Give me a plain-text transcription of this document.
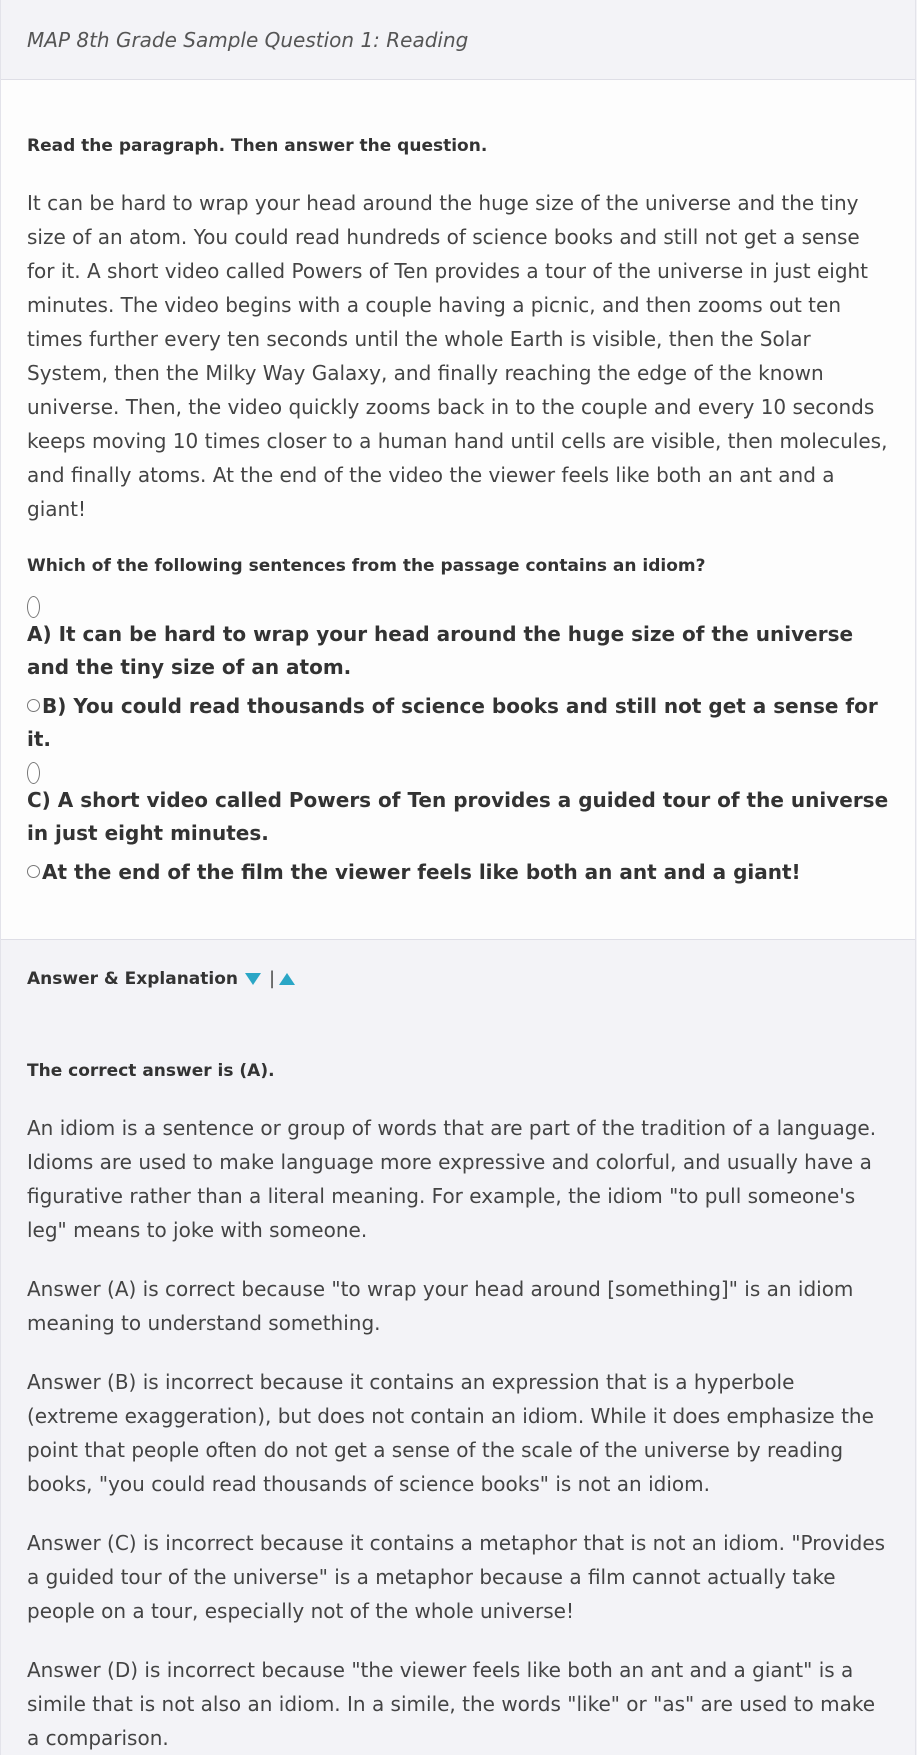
MAP 8th Grade Sample Question 1: Reading

Read the paragraph. Then answer the question.

It can be hard to wrap your head around the huge size of the universe and the tiny size of an atom. You could read hundreds of science books and still not get a sense for it. A short video called Powers of Ten provides a tour of the universe in just eight minutes. The video begins with a couple having a picnic, and then zooms out ten times further every ten seconds until the whole Earth is visible, then the Solar System, then the Milky Way Galaxy, and finally reaching the edge of the known universe. Then, the video quickly zooms back in to the couple and every 10 seconds keeps moving 10 times closer to a human hand until cells are visible, then molecules, and finally atoms. At the end of the video the viewer feels like both an ant and a giant!

Which of the following sentences from the passage contains an idiom?

A) It can be hard to wrap your head around the huge size of the universe and the tiny size of an atom.
B) You could read thousands of science books and still not get a sense for it.
C) A short video called Powers of Ten provides a guided tour of the universe in just eight minutes.
At the end of the film the viewer feels like both an ant and a giant!
Answer & Explanation |

The correct answer is (A).

An idiom is a sentence or group of words that are part of the tradition of a language. Idioms are used to make language more expressive and colorful, and usually have a figurative rather than a literal meaning. For example, the idiom "to pull someone's leg" means to joke with someone.

Answer (A) is correct because "to wrap your head around [something]" is an idiom meaning to understand something.

Answer (B) is incorrect because it contains an expression that is a hyperbole (extreme exaggeration), but does not contain an idiom. While it does emphasize the point that people often do not get a sense of the scale of the universe by reading books, "you could read thousands of science books" is not an idiom.

Answer (C) is incorrect because it contains a metaphor that is not an idiom. "Provides a guided tour of the universe" is a metaphor because a film cannot actually take people on a tour, especially not of the whole universe!

Answer (D) is incorrect because "the viewer feels like both an ant and a giant" is a simile that is not also an idiom. In a simile, the words "like" or "as" are used to make a comparison.
